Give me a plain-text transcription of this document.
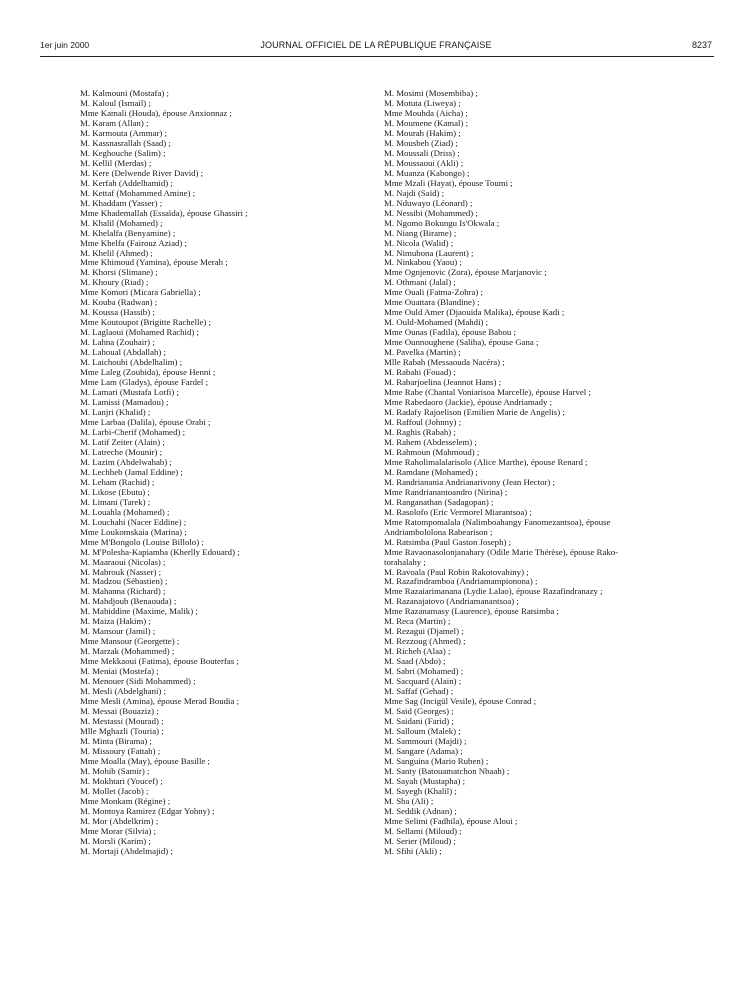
1er juin 2000	JOURNAL OFFICIEL DE LA RÉPUBLIQUE FRANÇAISE	8237
M. Kalmouni (Mostafa) ;
M. Kaloul (Ismail) ;
Mme Kamali (Houda), épouse Anxionnaz ;
M. Karam (Allan) ;
M. Karmouta (Ammar) ;
M. Kassnasrallah (Saad) ;
M. Keghouche (Salim) ;
M. Kellil (Merdas) ;
M. Kere (Delwende River David) ;
M. Kerfah (Addelhamid) ;
M. Kettaf (Mohammed Amine) ;
M. Khaddam (Yasser) ;
Mme Khademallah (Essaïda), épouse Ghassiri ;
M. Khalil (Mohamed) ;
M. Khelalfa (Benyamine) ;
Mme Khelfa (Fairouz Aziad) ;
M. Khelil (Ahmed) ;
Mme Khimoud (Yamina), épouse Merah ;
M. Khorsi (Slimane) ;
M. Khoury (Riad) ;
Mme Komori (Micara Gabriella) ;
M. Kouba (Radwan) ;
M. Koussa (Hassib) ;
Mme Koutoupot (Brigitte Rachelle) ;
M. Laglaoui (Mohamed Rachid) ;
M. Lahna (Zouhair) ;
M. Lahoual (Abdallah) ;
M. Laichoubi (Abdelhalim) ;
Mme Laleg (Zoubida), épouse Henni ;
Mme Lam (Gladys), épouse Fardel ;
M. Lamari (Mustafa Lotfi) ;
M. Lamissi (Mamadou) ;
M. Lanjri (Khalid) ;
Mme Larbaa (Dalila), épouse Orabi ;
M. Larbi-Cherif (Mohamed) ;
M. Latif Zeiter (Alain) ;
M. Latreche (Mounir) ;
M. Lazim (Abdelwahab) ;
M. Lechheb (Jamal Eddine) ;
M. Leham (Rachid) ;
M. Likose (Ebutu) ;
M. Limani (Tarek) ;
M. Louahla (Mohamed) ;
M. Louchahi (Nacer Eddine) ;
Mme Loukomskaia (Marina) ;
Mme M'Bongolo (Louise Billolo) ;
M. M'Polesha-Kapiamba (Kherlly Edouard) ;
M. Maaraoui (Nicolas) ;
M. Mabrouk (Nasser) ;
M. Madzou (Sébastien) ;
M. Mahanna (Richard) ;
M. Mahdjoub (Benaouda) ;
M. Mahiddine (Maxime, Malik) ;
M. Maiza (Hakim) ;
M. Mansour (Jamil) ;
Mme Mansour (Georgette) ;
M. Marzak (Mohammed) ;
Mme Mekkaoui (Fatima), épouse Bouterfas ;
M. Meniai (Mostefa) ;
M. Menouer (Sidi Mohammed) ;
M. Mesli (Abdelghani) ;
Mme Mesli (Amina), épouse Merad Boudia ;
M. Messai (Bouaziz) ;
M. Mestassi (Mourad) ;
Mlle Mghazli (Touria) ;
M. Minta (Birama) ;
M. Missoury (Fattah) ;
Mme Moalla (May), épouse Basille ;
M. Mohib (Samir) ;
M. Mokhtari (Youcef) ;
M. Mollet (Jacob) ;
Mme Monkam (Régine) ;
M. Montoya Ramirez (Edgar Yohny) ;
M. Mor (Abdelkrim) ;
Mme Morar (Silvia) ;
M. Morsli (Karim) ;
M. Mortaji (Abdelmajid) ;
M. Mosimi (Mosembiba) ;
M. Motuta (Liweya) ;
Mme Mouhda (Aicha) ;
M. Moumene (Kamal) ;
M. Mourah (Hakim) ;
M. Mousbeh (Ziad) ;
M. Moussali (Driss) ;
M. Moussaoui (Akli) ;
M. Muanza (Kabongo) ;
Mme Mzali (Hayat), épouse Toumi ;
M. Najdi (Saïd) ;
M. Nduwayo (Léonard) ;
M. Nessibi (Mohammed) ;
M. Ngomo Bokungu Is'Okwala ;
M. Niang (Birame) ;
M. Nicola (Walid) ;
M. Nimubona (Laurent) ;
M. Ninkabou (Yaou) ;
Mme Ognjenovic (Zora), épouse Marjanovic ;
M. Othmani (Jalal) ;
Mme Ouali (Fatma-Zohra) ;
Mme Ouattara (Blandine) ;
Mme Ould Amer (Djaouida Malika), épouse Kadi ;
M. Ould-Mohamed (Mahdi) ;
Mme Ounas (Fadila), épouse Babou ;
Mme Ounnoughene (Saliha), épouse Gana ;
M. Pavelka (Martin) ;
Mlle Rabah (Messaouda Nacéra) ;
M. Rabahi (Fouad) ;
M. Rabarjoelina (Jeannot Hans) ;
Mme Rabe (Chantal Voniarisoa Marcelle), épouse Harvel ;
Mme Rabedaoro (Jackie), épouse Andriamady ;
M. Radafy Rajoelison (Emilien Marie de Angelis) ;
M. Raffoul (Johnny) ;
M. Raghis (Rabah) ;
M. Rahem (Abdesselem) ;
M. Rahmoun (Mahmoud) ;
Mme Raholimalalarisolo (Alice Marthe), épouse Renard ;
M. Ramdane (Mohamed) ;
M. Randrianania Andrianarivony (Jean Hector) ;
Mme Randrianantoandro (Nirina) ;
M. Ranganathan (Sadagopan) ;
M. Rasolofo (Eric Vermorel Miarantsoa) ;
Mme Ratompomalala (Nalimboahangy Fanomezantsoa), épouse
Andriambololona Rabearison ;
M. Ratsimba (Paul Gaston Joseph) ;
Mme Ravaonasolonjanahary (Odile Marie Thérèse), épouse Rako-
torahalahy ;
M. Ravoala (Paul Robin Rakotovahiny) ;
M. Razafindramboa (Andriamampionona) ;
Mme Razaiarimanana (Lydie Lalao), épouse Razafindranazy ;
M. Razanajatovo (Andriamanantsoa) ;
Mme Razanamasy (Laurence), épouse Ratsimba ;
M. Reca (Martin) ;
M. Rezagui (Djamel) ;
M. Rezzoug (Ahmed) ;
M. Richeh (Alaa) ;
M. Saad (Abdo) ;
M. Sabri (Mohamed) ;
M. Sacquard (Alain) ;
M. Saffaf (Gehad) ;
Mme Sag (Incigül Vesile), épouse Conrad ;
M. Said (Georges) ;
M. Saidani (Farid) ;
M. Salloum (Malek) ;
M. Sammouri (Majdi) ;
M. Sangare (Adama) ;
M. Sanguina (Mario Ruben) ;
M. Santy (Batouamatchon Nbaah) ;
M. Sayah (Mustapha) ;
M. Sayegh (Khalil) ;
M. Sba (Ali) ;
M. Seddik (Adnan) ;
Mme Selimi (Fadhila), épouse Aloui ;
M. Sellami (Miloud) ;
M. Serier (Miloud) ;
M. Sfihi (Akli) ;
